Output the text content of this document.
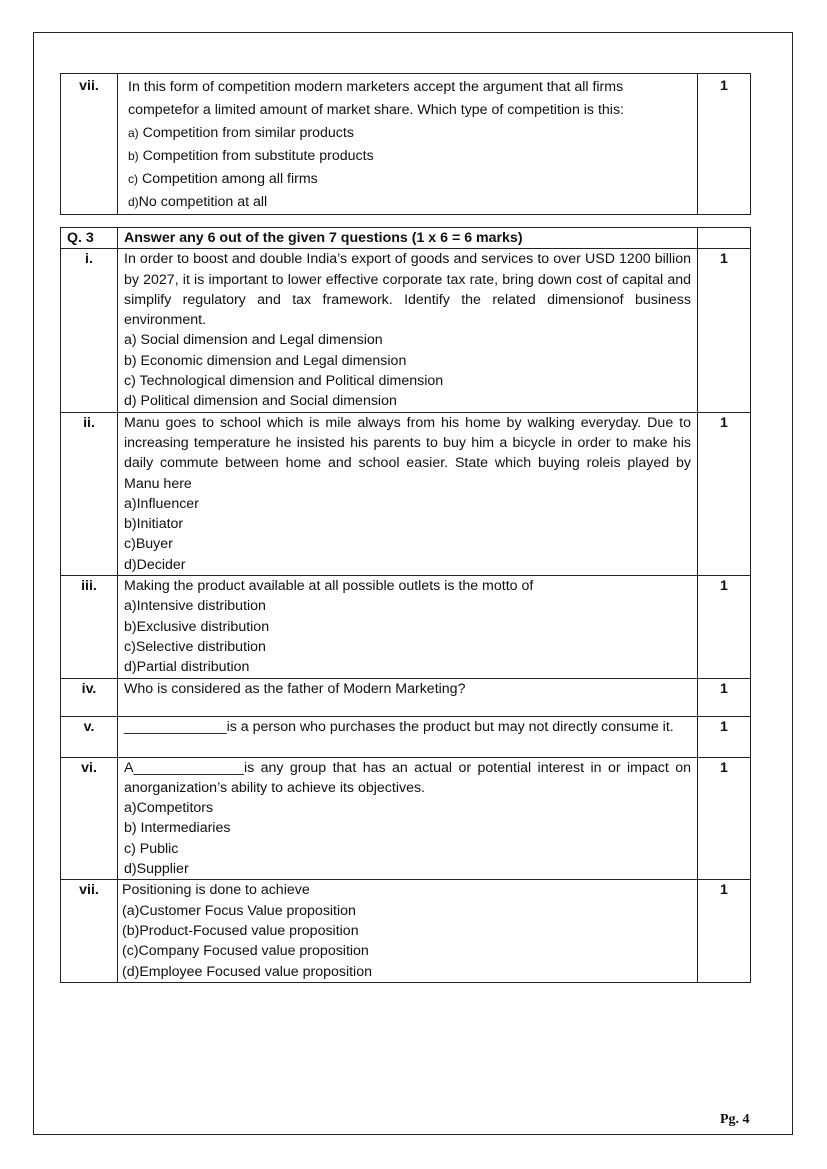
vii.	In this form of competition modern marketers accept the argument that all firms competefor a limited amount of market share. Which type of competition is this:
a) Competition from similar products
b) Competition from substitute products
c) Competition among all firms
d)No competition at all
	1
Q. 3	Answer any 6 out of the given 7 questions (1 x 6 = 6 marks)	
i.	In order to boost and double India’s export of goods and services to over USD 1200 billion by 2027, it is important to lower effective corporate tax rate, bring down cost of capital and simplify regulatory and tax framework. Identify the related dimensionof business environment.
a) Social dimension and Legal dimension
b) Economic dimension and Legal dimension
c) Technological dimension and Political dimension
d) Political dimension and Social dimension	1
ii.	Manu goes to school which is mile always from his home by walking everyday. Due to increasing temperature he insisted his parents to buy him a bicycle in order to make his daily commute between home and school easier. State which buying roleis played by Manu here
a)Influencer
b)Initiator
c)Buyer
d)Decider	1
iii.	Making the product available at all possible outlets is the motto of
a)Intensive distribution
b)Exclusive distribution
c)Selective distribution
d)Partial distribution	1
iv.	Who is considered as the father of Modern Marketing?	1
v.	_____________is a person who purchases the product but may not directly consume it.	1
vi.	A______________is any group that has an actual or potential interest in or impact on anorganization’s ability to achieve its objectives.
a)Competitors
b) Intermediaries
c) Public
d)Supplier	1
vii.	Positioning is done to achieve
(a)Customer Focus Value proposition
(b)Product-Focused value proposition
(c)Company Focused value proposition
(d)Employee Focused value proposition	1
Pg. 4
